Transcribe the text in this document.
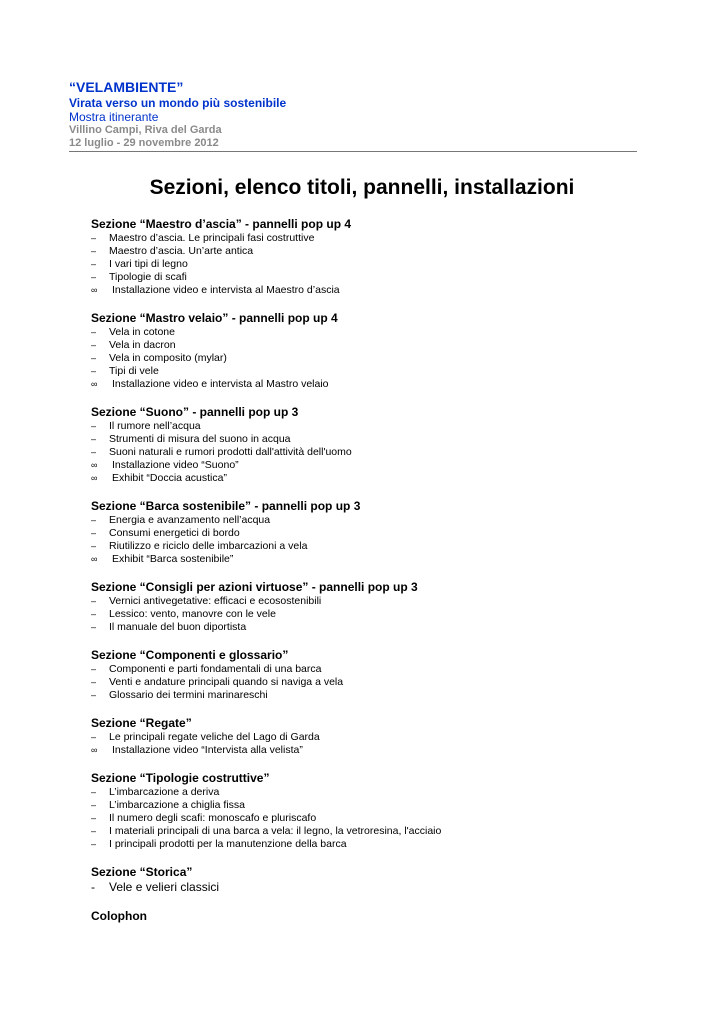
“VELAMBIENTE”
Virata verso un mondo più sostenibile
Mostra itinerante
Villino Campi, Riva del Garda
12 luglio - 29 novembre 2012
Sezioni, elenco titoli, pannelli, installazioni
Sezione “Maestro d’ascia” - pannelli pop up 4
–	Maestro d’ascia. Le principali fasi costruttive
–	Maestro d’ascia. Un’arte antica
–	I vari tipi di legno
–	Tipologie di scafi
∞	Installazione video e intervista al Maestro d’ascia
Sezione “Mastro velaio” - pannelli pop up 4
–	Vela in cotone
–	Vela in dacron
–	Vela in composito (mylar)
–	Tipi di vele
∞	Installazione video e intervista al Mastro velaio
Sezione “Suono” - pannelli pop up 3
–	Il rumore nell’acqua
–	Strumenti di misura del suono in acqua
–	Suoni naturali e rumori prodotti dall'attività dell'uomo
∞	Installazione video “Suono”
∞	Exhibit “Doccia acustica”
Sezione “Barca sostenibile” - pannelli pop up 3
–	Energia e avanzamento nell’acqua
–	Consumi energetici di bordo
–	Riutilizzo e riciclo delle imbarcazioni a vela
∞	Exhibit “Barca sostenibile”
Sezione “Consigli per azioni virtuose” - pannelli pop up 3
–	Vernici antivegetative: efficaci e ecosostenibili
–	Lessico: vento, manovre con le vele
–	Il manuale del buon diportista
Sezione “Componenti e glossario”
–	Componenti e parti fondamentali di una barca
–	Venti e andature principali quando si naviga a vela
–	Glossario dei termini marinareschi
Sezione “Regate”
–	Le principali regate veliche del Lago di Garda
∞	Installazione video “Intervista alla velista”
Sezione “Tipologie costruttive”
–	L’imbarcazione a deriva
–	L’imbarcazione a chiglia fissa
–	Il numero degli scafi: monoscafo e pluriscafo
–	I materiali principali di una barca a vela: il legno, la vetroresina, l'acciaio
–	I principali prodotti per la manutenzione della barca
Sezione “Storica”
-	Vele e velieri classici
Colophon
